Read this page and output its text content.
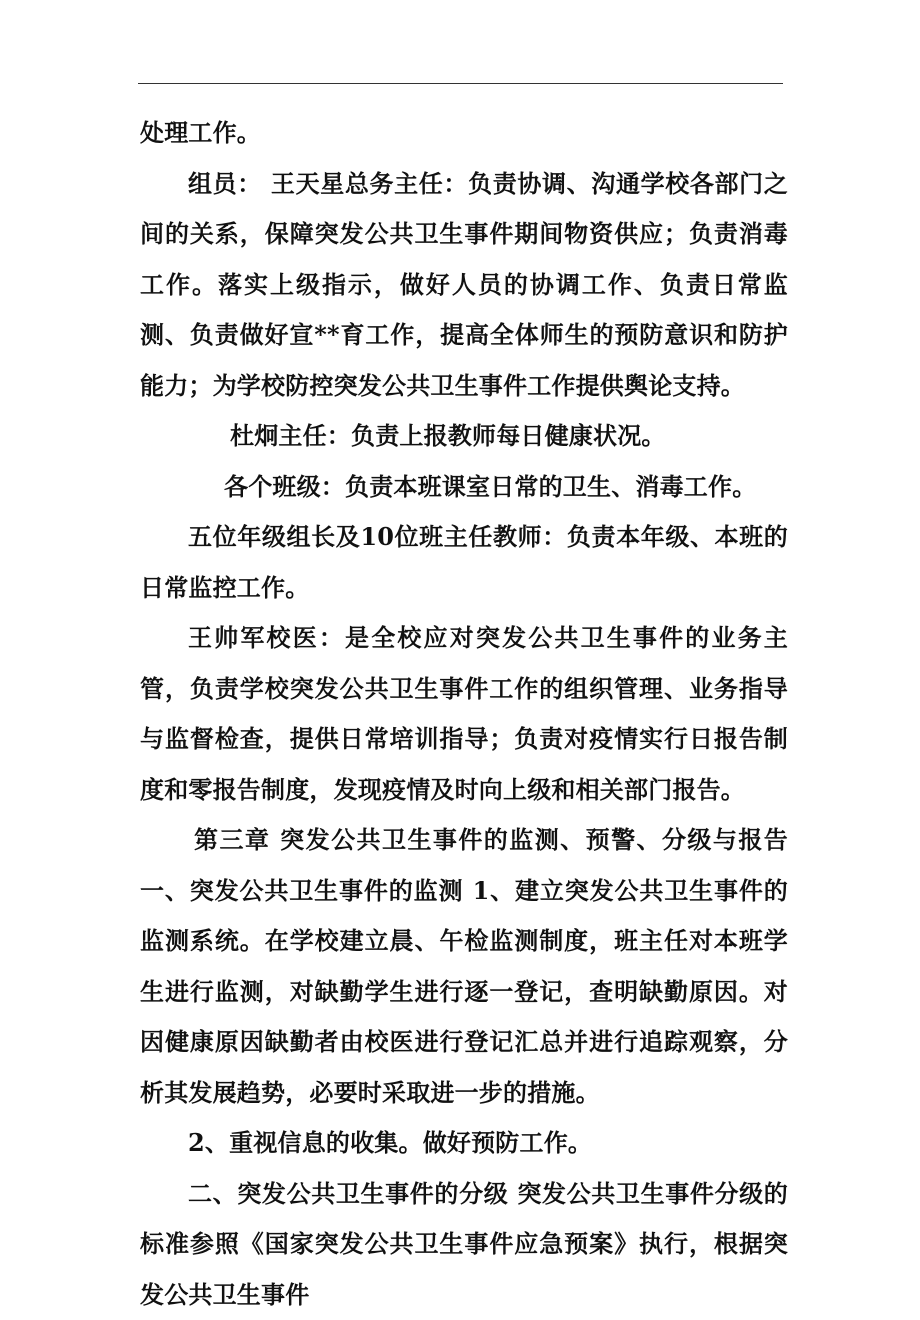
处理工作。

组员： 王天星总务主任：负责协调、沟通学校各部门之间的关系，保障突发公共卫生事件期间物资供应；负责消毒工作。落实上级指示，做好人员的协调工作、负责日常监测、负责做好宣**育工作，提高全体师生的预防意识和防护能力；为学校防控突发公共卫生事件工作提供舆论支持。

杜炯主任：负责上报教师每日健康状况。

各个班级：负责本班课室日常的卫生、消毒工作。

五位年级组长及10位班主任教师：负责本年级、本班的日常监控工作。

王帅军校医：是全校应对突发公共卫生事件的业务主管，负责学校突发公共卫生事件工作的组织管理、业务指导与监督检查，提供日常培训指导；负责对疫情实行日报告制度和零报告制度，发现疫情及时向上级和相关部门报告。

第三章 突发公共卫生事件的监测、预警、分级与报告 一、突发公共卫生事件的监测 1、建立突发公共卫生事件的监测系统。在学校建立晨、午检监测制度，班主任对本班学生进行监测，对缺勤学生进行逐一登记，查明缺勤原因。对因健康原因缺勤者由校医进行登记汇总并进行追踪观察，分析其发展趋势，必要时采取进一步的措施。

2、重视信息的收集。做好预防工作。

二、突发公共卫生事件的分级 突发公共卫生事件分级的标准参照《国家突发公共卫生事件应急预案》执行，根据突发公共卫生事件
